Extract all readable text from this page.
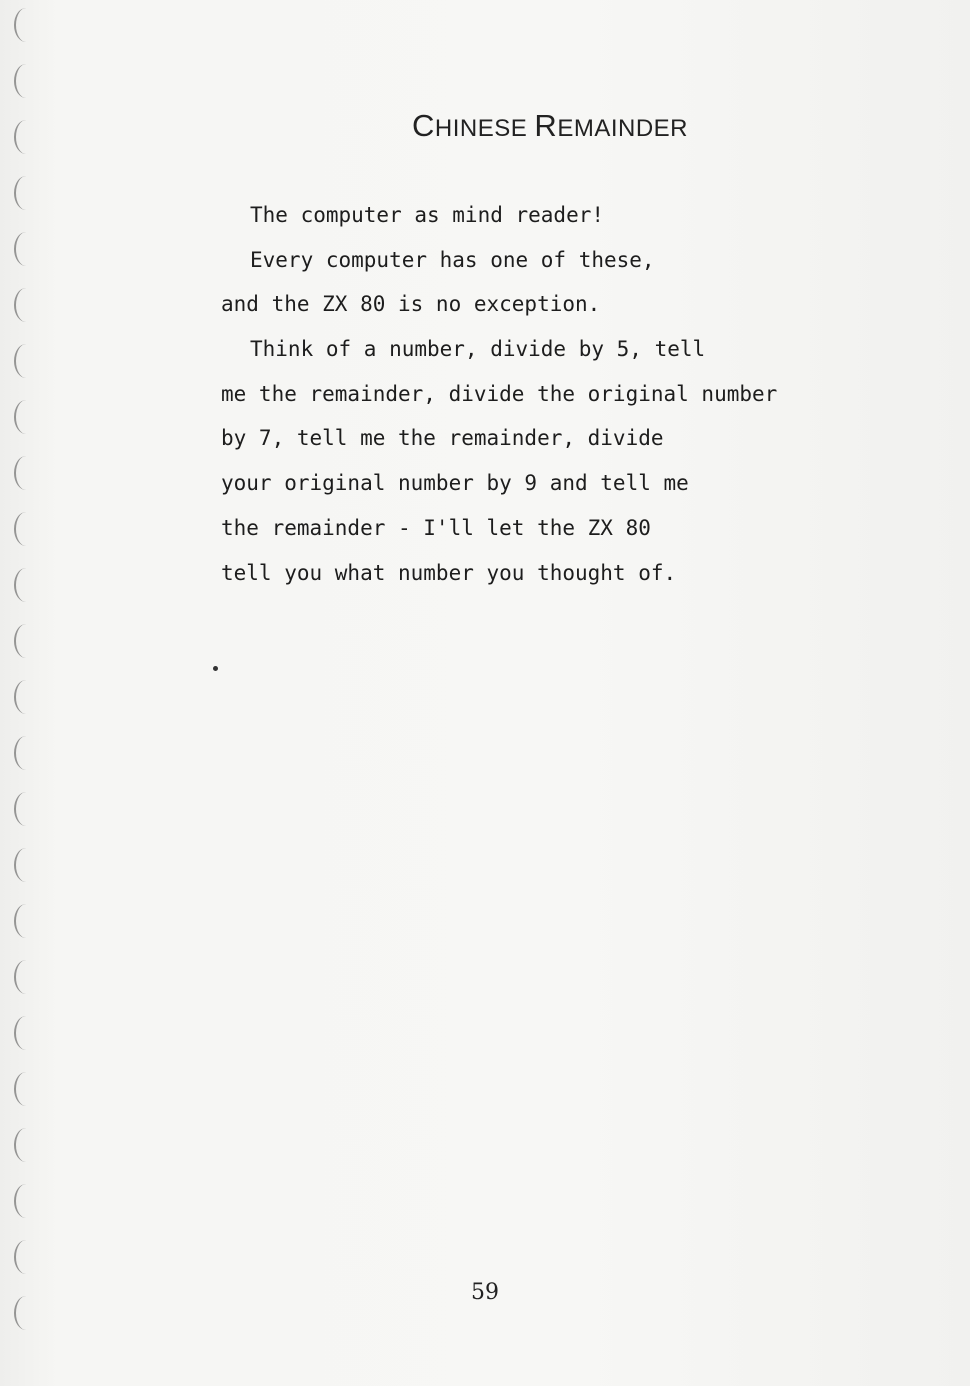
CHINESE REMAINDER
The computer as mind reader!
Every computer has one of these,
and the ZX 80 is no exception.
Think of a number, divide by 5, tell
me the remainder, divide the original number
by 7, tell me the remainder, divide
your original number by 9 and tell me
the remainder - I'll let the ZX 80
tell you what number you thought of.
59
